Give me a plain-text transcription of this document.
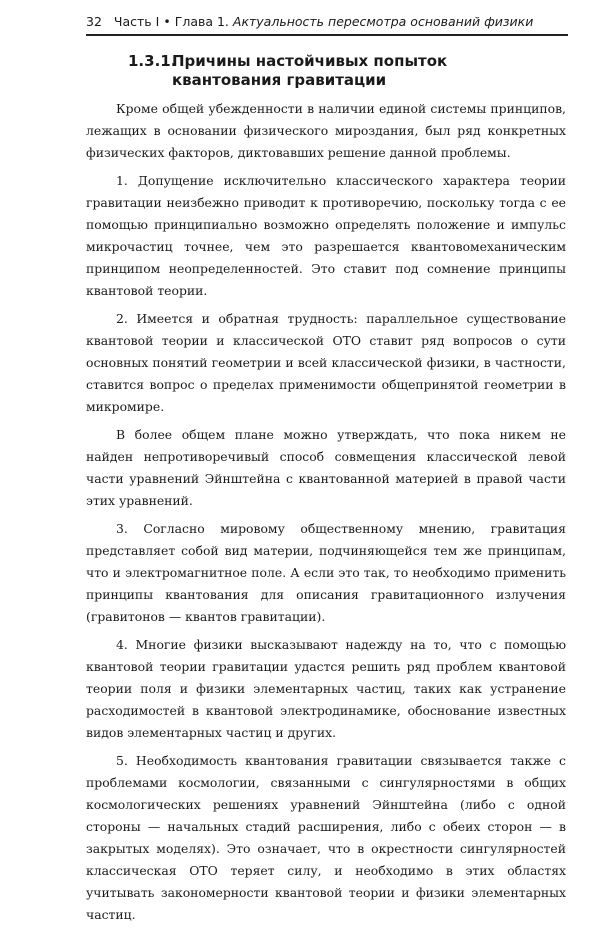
32 Часть I • Глава 1. Актуальность пересмотра оснований физики
1.3.1.Причины настойчивых попыток
квантования гравитации

Кроме общей убежденности в наличии единой системы принципов, лежащих в основании физического мироздания, был ряд конкретных физических факторов, диктовавших решение данной проблемы.

1. Допущение исключительно классического характера теории гравитации неизбежно приводит к противоречию, поскольку тогда с ее помощью принципиально возможно определять положение и импульс микрочастиц точнее, чем это разрешается квантовомеханическим принципом неопределенностей. Это ставит под сомнение принципы квантовой теории.

2. Имеется и обратная трудность: параллельное существование квантовой теории и классической ОТО ставит ряд вопросов о сути основных понятий геометрии и всей классической физики, в частности, ставится вопрос о пределах применимости общепринятой геометрии в микромире.

В более общем плане можно утверждать, что пока никем не найден непротиворечивый способ совмещения классической левой части уравнений Эйнштейна с квантованной материей в правой части этих уравнений.

3. Согласно мировому общественному мнению, гравитация представляет собой вид материи, подчиняющейся тем же принципам, что и электромагнитное поле. А если это так, то необходимо применить принципы квантования для описания гравитационного излучения (гравитонов — квантов гравитации).

4. Многие физики высказывают надежду на то, что с помощью квантовой теории гравитации удастся решить ряд проблем квантовой теории поля и физики элементарных частиц, таких как устранение расходимостей в квантовой электродинамике, обоснование известных видов элементарных частиц и других.

5. Необходимость квантования гравитации связывается также с проблемами космологии, связанными с сингулярностями в общих космологических решениях уравнений Эйнштейна (либо с одной стороны — начальных стадий расширения, либо с обеих сторон — в закрытых моделях). Это означает, что в окрестности сингулярностей классическая ОТО теряет силу, и необходимо в этих областях учитывать закономерности квантовой теории и физики элементарных частиц.
